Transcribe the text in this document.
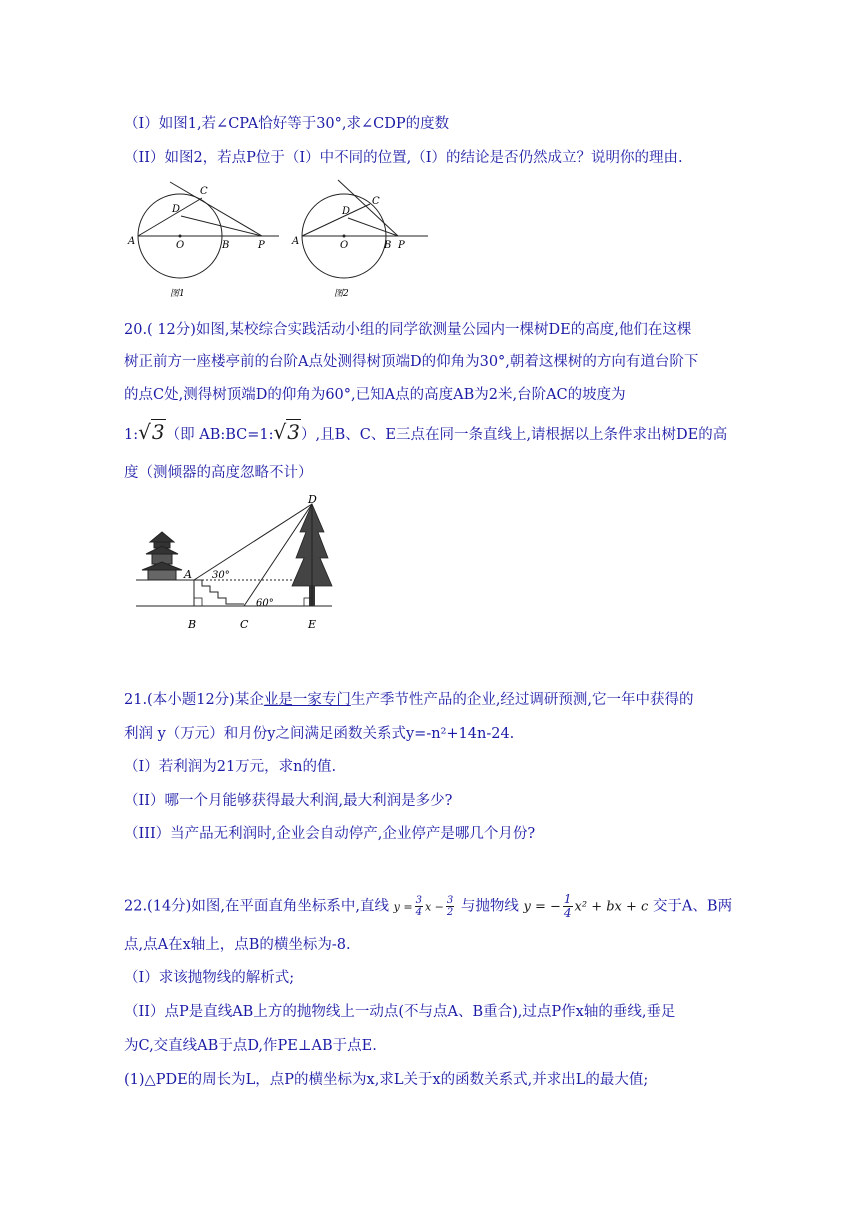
（I）如图1,若∠CPA恰好等于30°,求∠CDP的度数
（II）如图2，若点P位于（I）中不同的位置,（I）的结论是否仍然成立？说明你的理由.
A	O	B	P
C
D
图1
A	O	B P
C
D
图2
20.( 12分)如图,某校综合实践活动小组的同学欲测量公园内一棵树DE的高度,他们在这棵
树正前方一座楼亭前的台阶A点处测得树顶端D的仰角为30°,朝着这棵树的方向有道台阶下
的点C处,测得树顶端D的仰角为60°,已知A点的高度AB为2米,台阶AC的坡度为
1:√3（即 AB:BC=1:√3）,且B、C、E三点在同一条直线上,请根据以上条件求出树DE的高
度（测倾器的高度忽略不计）
A
B	C
D
E
30°
60°
21.(本小题12分)某企业是一家专门生产季节性产品的企业,经过调研预测,它一年中获得的
利润 y（万元）和月份y之间满足函数关系式y=-n²+14n-24.
（I）若利润为21万元，求n的值.
（II）哪一个月能够获得最大利润,最大利润是多少?
（III）当产品无利润时,企业会自动停产,企业停产是哪几个月份?
22.(14分)如图,在平面直角坐标系中,直线 $y = \frac{3}{4}$ $x - \frac{3}{2}$ 与抛物线 y = − $\frac{1}{4} x^2$ + bx + c 交于A、B两
点,点A在x轴上，点B的横坐标为-8.
（I）求该抛物线的解析式;
（II）点P是直线AB上方的抛物线上一动点(不与点A、B重合),过点P作x轴的垂线,垂足
为C,交直线AB于点D,作PE⊥AB于点E.
(1)△PDE的周长为L，点P的横坐标为x,求L关于x的函数关系式,并求出L的最大值;
